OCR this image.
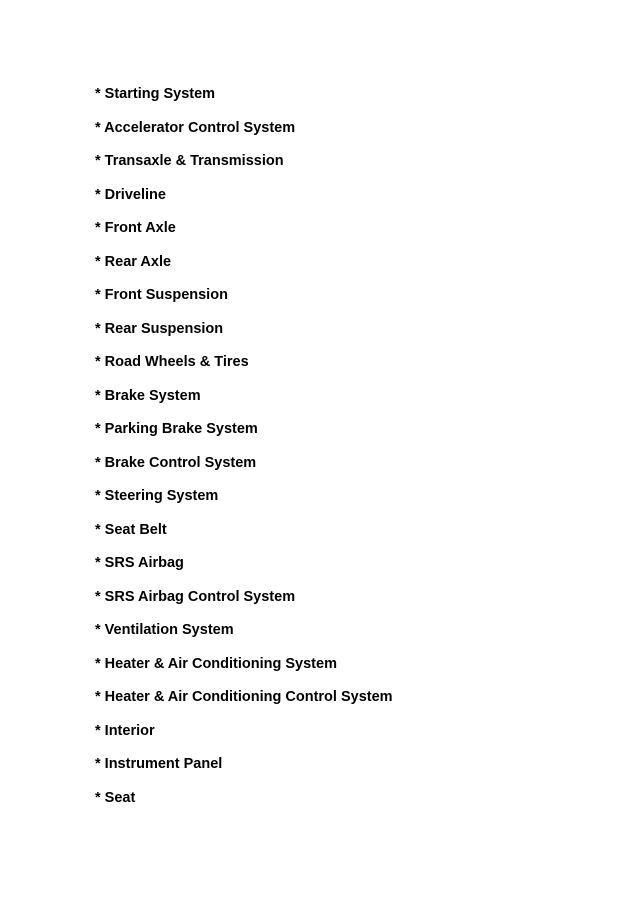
* Starting System
* Accelerator Control System
* Transaxle & Transmission
* Driveline
* Front Axle
* Rear Axle
* Front Suspension
* Rear Suspension
* Road Wheels & Tires
* Brake System
* Parking Brake System
* Brake Control System
* Steering System
* Seat Belt
* SRS Airbag
* SRS Airbag Control System
* Ventilation System
* Heater & Air Conditioning System
* Heater & Air Conditioning Control System
* Interior
* Instrument Panel
* Seat
